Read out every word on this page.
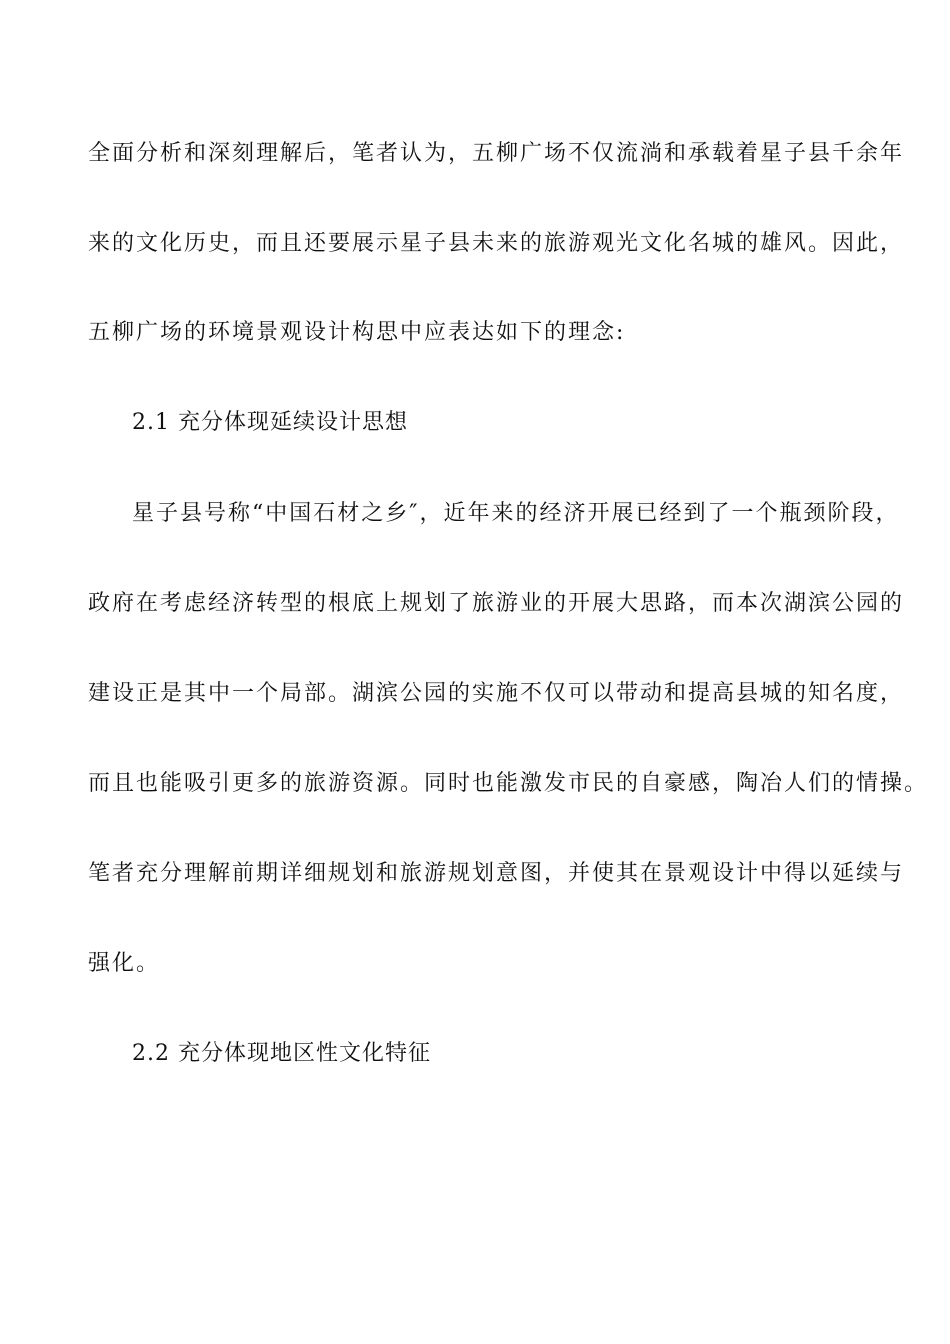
全面分析和深刻理解后，笔者认为，五柳广场不仅流淌和承载着星子县千余年
来的文化历史，而且还要展示星子县未来的旅游观光文化名城的雄风。因此，
五柳广场的环境景观设计构思中应表达如下的理念:
2.1 充分体现延续设计思想
星子县号称“中国石材之乡″，近年来的经济开展已经到了一个瓶颈阶段，
政府在考虑经济转型的根底上规划了旅游业的开展大思路，而本次湖滨公园的
建设正是其中一个局部。湖滨公园的实施不仅可以带动和提高县城的知名度，
而且也能吸引更多的旅游资源。同时也能激发市民的自豪感，陶冶人们的情操。
笔者充分理解前期详细规划和旅游规划意图，并使其在景观设计中得以延续与
强化。
2.2 充分体现地区性文化特征
